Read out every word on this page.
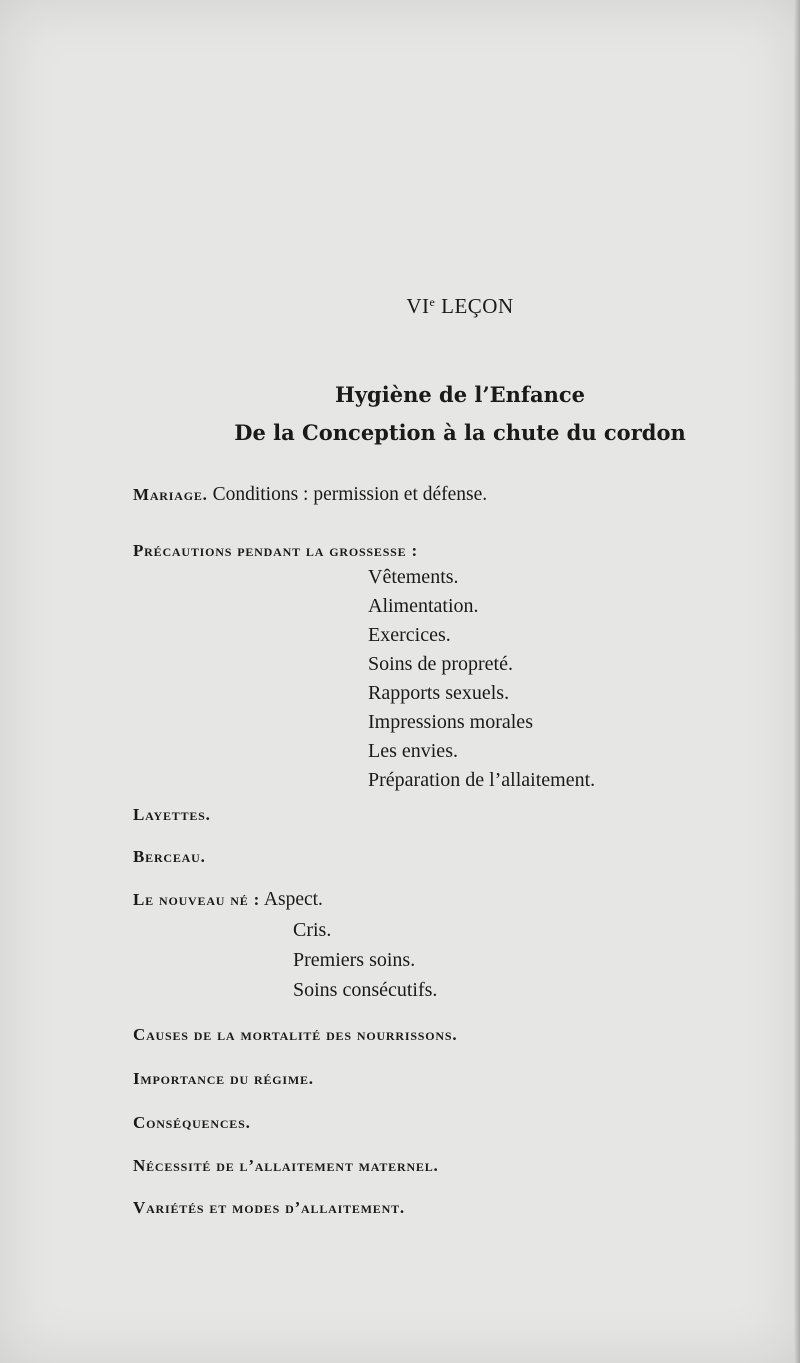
VIe LEÇON
Hygiène de l’Enfance
De la Conception à la chute du cordon
Mariage. Conditions : permission et défense.
Précautions pendant la grossesse :
Vêtements.
Alimentation.
Exercices.
Soins de propreté.
Rapports sexuels.
Impressions morales
Les envies.
Préparation de l’allaitement.
Layettes.
Berceau.
Le nouveau né : Aspect.
Cris.
Premiers soins.
Soins consécutifs.
Causes de la mortalité des nourrissons.
Importance du régime.
Conséquences.
Nécessité de l’allaitement maternel.
Variétés et modes d’allaitement.
